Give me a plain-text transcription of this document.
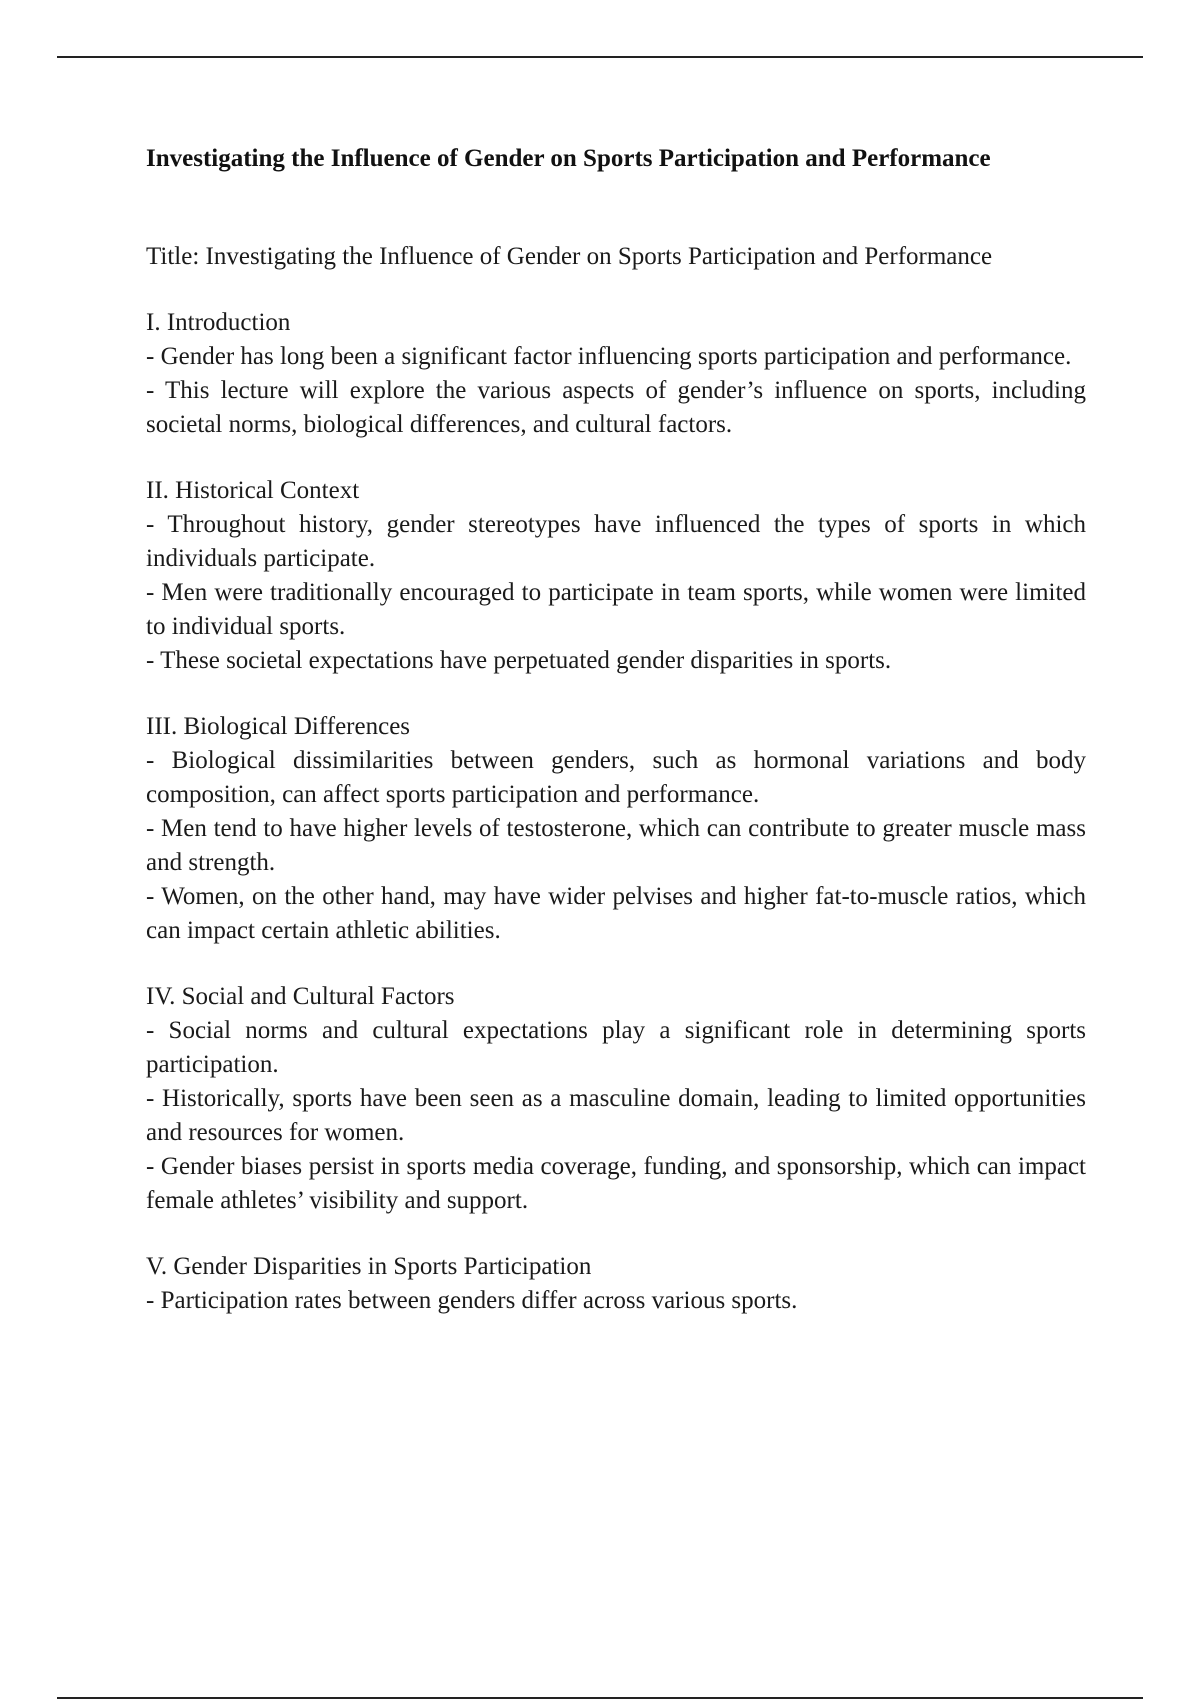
Investigating the Influence of Gender on Sports Participation and Performance

Title: Investigating the Influence of Gender on Sports Participation and Performance

I. Introduction

- Gender has long been a significant factor influencing sports participation and performance.

- This lecture will explore the various aspects of gender’s influence on sports, including societal norms, biological differences, and cultural factors.

II. Historical Context

- Throughout history, gender stereotypes have influenced the types of sports in which individuals participate.

- Men were traditionally encouraged to participate in team sports, while women were limited to individual sports.

- These societal expectations have perpetuated gender disparities in sports.

III. Biological Differences

- Biological dissimilarities between genders, such as hormonal variations and body composition, can affect sports participation and performance.

- Men tend to have higher levels of testosterone, which can contribute to greater muscle mass and strength.

- Women, on the other hand, may have wider pelvises and higher fat-to-muscle ratios, which can impact certain athletic abilities.

IV. Social and Cultural Factors

- Social norms and cultural expectations play a significant role in determining sports participation.

- Historically, sports have been seen as a masculine domain, leading to limited opportunities and resources for women.

- Gender biases persist in sports media coverage, funding, and sponsorship, which can impact female athletes’ visibility and support.

V. Gender Disparities in Sports Participation

- Participation rates between genders differ across various sports.
